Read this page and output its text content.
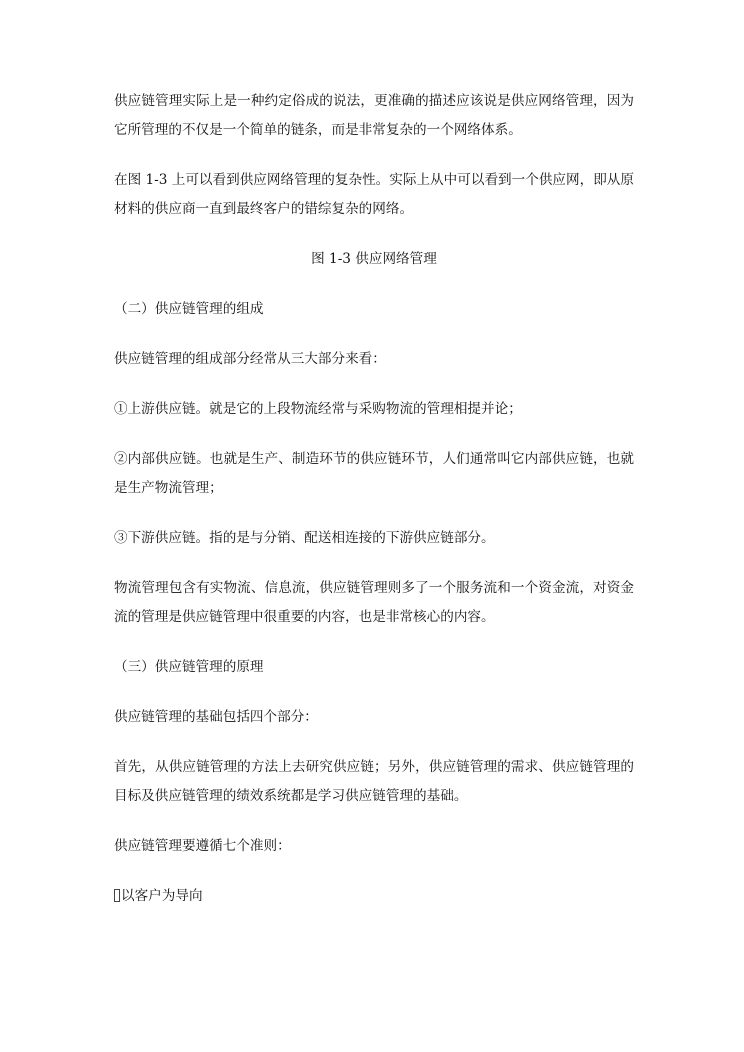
供应链管理实际上是一种约定俗成的说法，更准确的描述应该说是供应网络管理，因为它所管理的不仅是一个简单的链条，而是非常复杂的一个网络体系。

在图 1-3 上可以看到供应网络管理的复杂性。实际上从中可以看到一个供应网，即从原材料的供应商一直到最终客户的错综复杂的网络。

图 1-3 供应网络管理

（二）供应链管理的组成

供应链管理的组成部分经常从三大部分来看：

①上游供应链。就是它的上段物流经常与采购物流的管理相提并论；

②内部供应链。也就是生产、制造环节的供应链环节，人们通常叫它内部供应链，也就是生产物流管理；

③下游供应链。指的是与分销、配送相连接的下游供应链部分。

物流管理包含有实物流、信息流，供应链管理则多了一个服务流和一个资金流，对资金流的管理是供应链管理中很重要的内容，也是非常核心的内容。

（三）供应链管理的原理

供应链管理的基础包括四个部分：

首先，从供应链管理的方法上去研究供应链；另外，供应链管理的需求、供应链管理的目标及供应链管理的绩效系统都是学习供应链管理的基础。

供应链管理要遵循七个准则：

以客户为导向
